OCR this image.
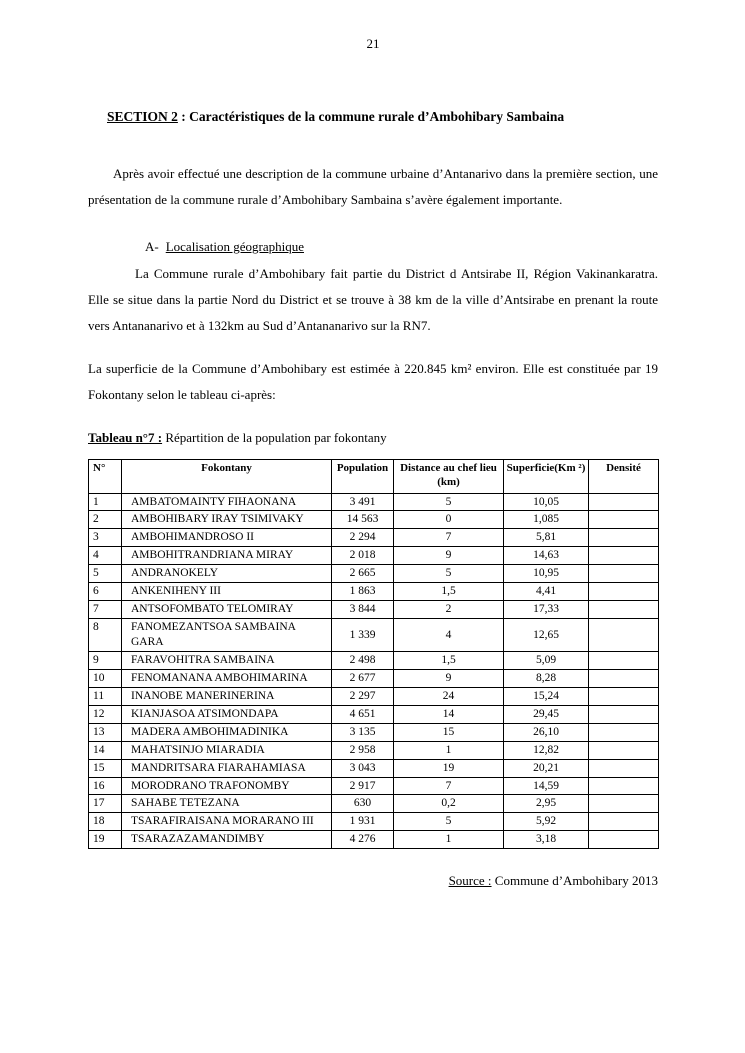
21
SECTION 2 : Caractéristiques de la commune rurale d’Ambohibary Sambaina

Après avoir effectué une description de la commune urbaine d’Antanarivo dans la première section, une présentation de la commune rurale d’Ambohibary Sambaina s’avère également importante.

A- Localisation géographique

La Commune rurale d’Ambohibary fait partie du District d Antsirabe II, Région Vakinankaratra. Elle se situe dans la partie Nord du District et se trouve à 38 km de la ville d’Antsirabe en prenant la route vers Antananarivo et à 132km au Sud d’Antananarivo sur la RN7.

La superficie de la Commune d’Ambohibary est estimée à 220.845 km² environ. Elle est constituée par 19 Fokontany selon le tableau ci-après:

Tableau n°7 : Répartition de la population par fokontany

N°	Fokontany	Population	Distance au chef lieu (km)	Superficie(Km ²)	Densité
1	AMBATOMAINTY FIHAONANA	3 491	5	10,05	
2	AMBOHIBARY IRAY TSIMIVAKY	14 563	0	1,085	
3	AMBOHIMANDROSO II	2 294	7	5,81	
4	AMBOHITRANDRIANA MIRAY	2 018	9	14,63	
5	ANDRANOKELY	2 665	5	10,95	
6	ANKENIHENY III	1 863	1,5	4,41	
7	ANTSOFOMBATO TELOMIRAY	3 844	2	17,33	
8	FANOMEZANTSOA SAMBAINA GARA	1 339	4	12,65	
9	FARAVOHITRA SAMBAINA	2 498	1,5	5,09	
10	FENOMANANA AMBOHIMARINA	2 677	9	8,28	
11	INANOBE MANERINERINA	2 297	24	15,24	
12	KIANJASOA ATSIMONDAPA	4 651	14	29,45	
13	MADERA AMBOHIMADINIKA	3 135	15	26,10	
14	MAHATSINJO MIARADIA	2 958	1	12,82	
15	MANDRITSARA FIARAHAMIASA	3 043	19	20,21	
16	MORODRANO TRAFONOMBY	2 917	7	14,59	
17	SAHABE TETEZANA	630	0,2	2,95	
18	TSARAFIRAISANA MORARANO III	1 931	5	5,92	
19	TSARAZAZAMANDIMBY	4 276	1	3,18	

Source : Commune d’Ambohibary 2013
